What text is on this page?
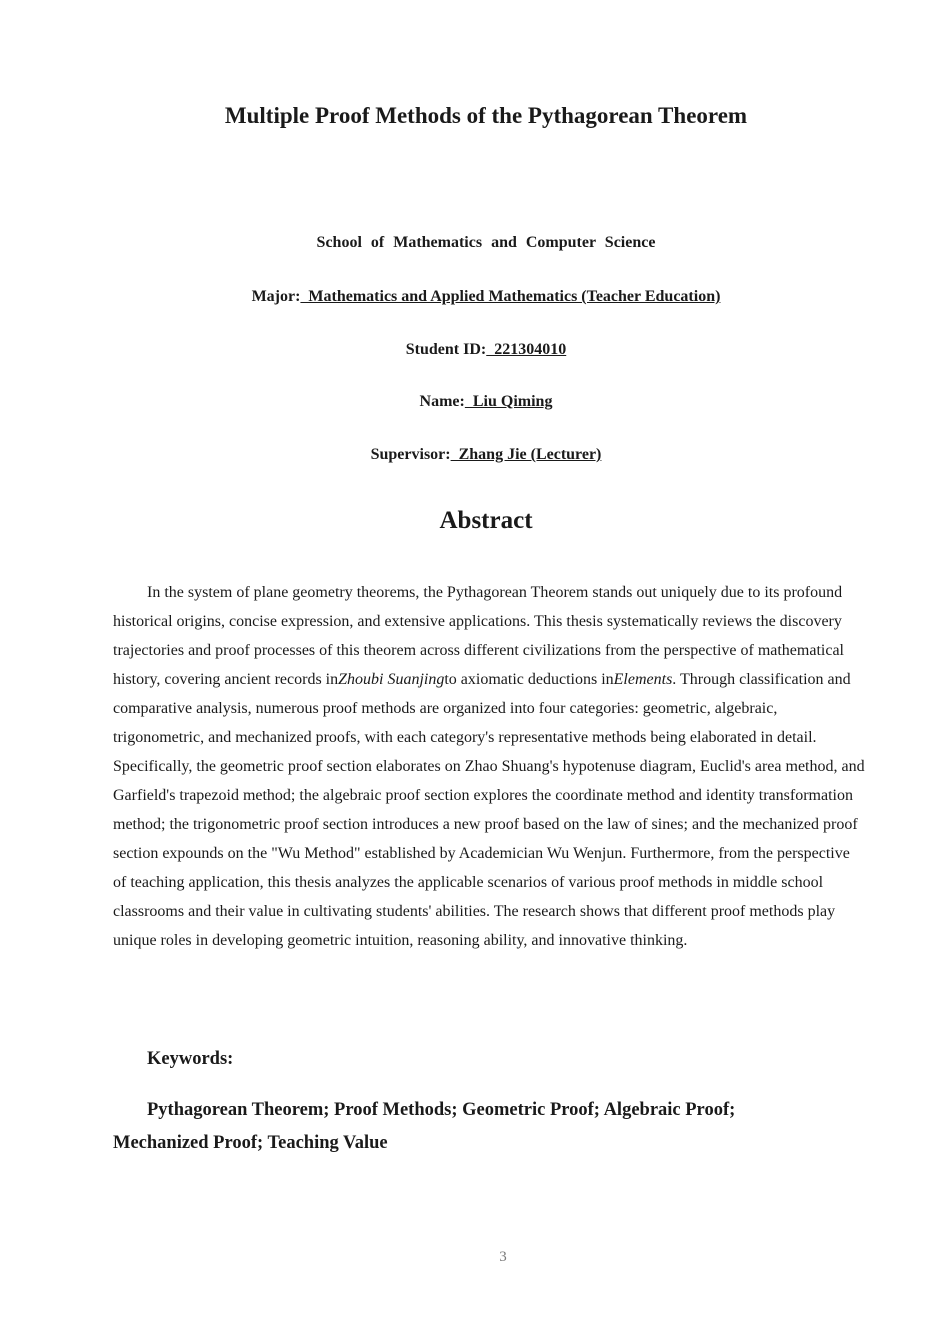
Multiple Proof Methods of the Pythagorean Theorem

School of Mathematics and Computer Science

Major:  Mathematics and Applied Mathematics (Teacher Education)

Student ID:  221304010

Name:  Liu Qiming

Supervisor:  Zhang Jie (Lecturer)

Abstract

In the system of plane geometry theorems, the Pythagorean Theorem stands out uniquely due to its profound historical origins, concise expression, and extensive applications. This thesis systematically reviews the discovery trajectories and proof processes of this theorem across different civilizations from the perspective of mathematical history, covering ancient records inZhoubi Suanjingto axiomatic deductions inElements. Through classification and comparative analysis, numerous proof methods are organized into four categories: geometric, algebraic, trigonometric, and mechanized proofs, with each category's representative methods being elaborated in detail. Specifically, the geometric proof section elaborates on Zhao Shuang's hypotenuse diagram, Euclid's area method, and Garfield's trapezoid method; the algebraic proof section explores the coordinate method and identity transformation method; the trigonometric proof section introduces a new proof based on the law of sines; and the mechanized proof section expounds on the "Wu Method" established by Academician Wu Wenjun. Furthermore, from the perspective of teaching application, this thesis analyzes the applicable scenarios of various proof methods in middle school classrooms and their value in cultivating students' abilities. The research shows that different proof methods play unique roles in developing geometric intuition, reasoning ability, and innovative thinking.

Keywords:

Pythagorean Theorem; Proof Methods; Geometric Proof; Algebraic Proof; Mechanized Proof; Teaching Value

3
